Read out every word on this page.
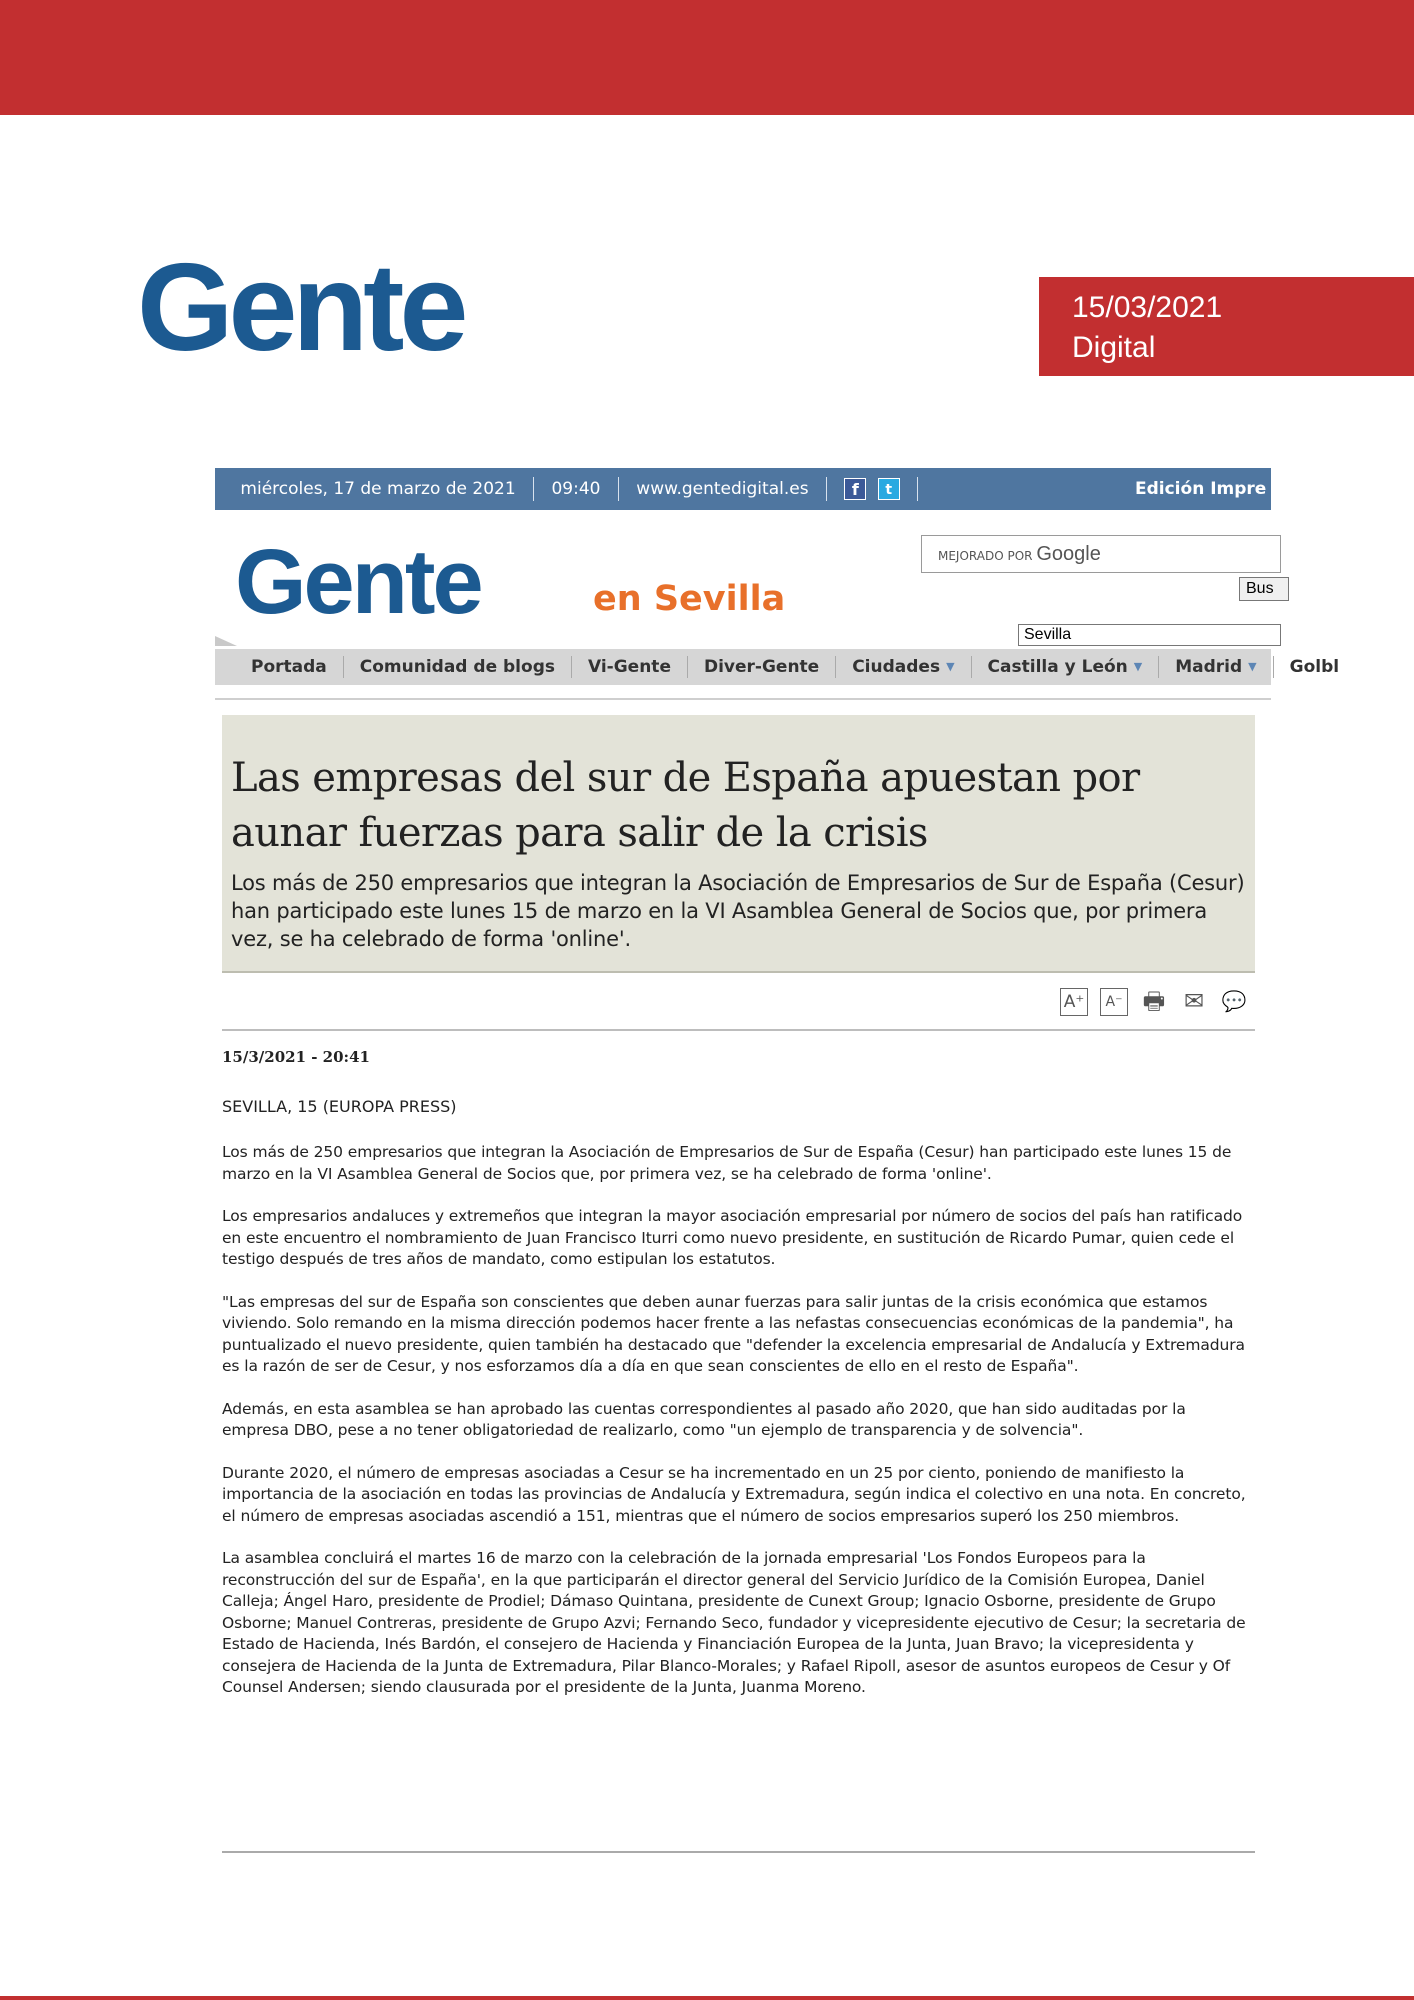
Gente	15/03/2021
Digital
miércoles, 17 de marzo de 2021 09:40 www.gentedigital.es	f t	Edición Impre
Gente	en Sevilla
MEJORADO POR Google
Bus
Sevilla
Portada Comunidad de blogs Vi-Gente Diver-Gente Ciudades ▼ Castilla y León ▼ Madrid ▼ Golbl
Las empresas del sur de España apuestan por aunar fuerzas para salir de la crisis
Los más de 250 empresarios que integran la Asociación de Empresarios de Sur de España (Cesur) han participado este lunes 15 de marzo en la VI Asamblea General de Socios que, por primera vez, se ha celebrado de forma 'online'.
A⁺ A⁻ 🖶 ✉ 💬
15/3/2021 - 20:41
SEVILLA, 15 (EUROPA PRESS)

Los más de 250 empresarios que integran la Asociación de Empresarios de Sur de España (Cesur) han participado este lunes 15 de marzo en la VI Asamblea General de Socios que, por primera vez, se ha celebrado de forma 'online'.

Los empresarios andaluces y extremeños que integran la mayor asociación empresarial por número de socios del país han ratificado en este encuentro el nombramiento de Juan Francisco Iturri como nuevo presidente, en sustitución de Ricardo Pumar, quien cede el testigo después de tres años de mandato, como estipulan los estatutos.

"Las empresas del sur de España son conscientes que deben aunar fuerzas para salir juntas de la crisis económica que estamos viviendo. Solo remando en la misma dirección podemos hacer frente a las nefastas consecuencias económicas de la pandemia", ha puntualizado el nuevo presidente, quien también ha destacado que "defender la excelencia empresarial de Andalucía y Extremadura es la razón de ser de Cesur, y nos esforzamos día a día en que sean conscientes de ello en el resto de España".

Además, en esta asamblea se han aprobado las cuentas correspondientes al pasado año 2020, que han sido auditadas por la empresa DBO, pese a no tener obligatoriedad de realizarlo, como "un ejemplo de transparencia y de solvencia".

Durante 2020, el número de empresas asociadas a Cesur se ha incrementado en un 25 por ciento, poniendo de manifiesto la importancia de la asociación en todas las provincias de Andalucía y Extremadura, según indica el colectivo en una nota. En concreto, el número de empresas asociadas ascendió a 151, mientras que el número de socios empresarios superó los 250 miembros.

La asamblea concluirá el martes 16 de marzo con la celebración de la jornada empresarial 'Los Fondos Europeos para la reconstrucción del sur de España', en la que participarán el director general del Servicio Jurídico de la Comisión Europea, Daniel Calleja; Ángel Haro, presidente de Prodiel; Dámaso Quintana, presidente de Cunext Group; Ignacio Osborne, presidente de Grupo Osborne; Manuel Contreras, presidente de Grupo Azvi; Fernando Seco, fundador y vicepresidente ejecutivo de Cesur; la secretaria de Estado de Hacienda, Inés Bardón, el consejero de Hacienda y Financiación Europea de la Junta, Juan Bravo; la vicepresidenta y consejera de Hacienda de la Junta de Extremadura, Pilar Blanco-Morales; y Rafael Ripoll, asesor de asuntos europeos de Cesur y Of Counsel Andersen; siendo clausurada por el presidente de la Junta, Juanma Moreno.
